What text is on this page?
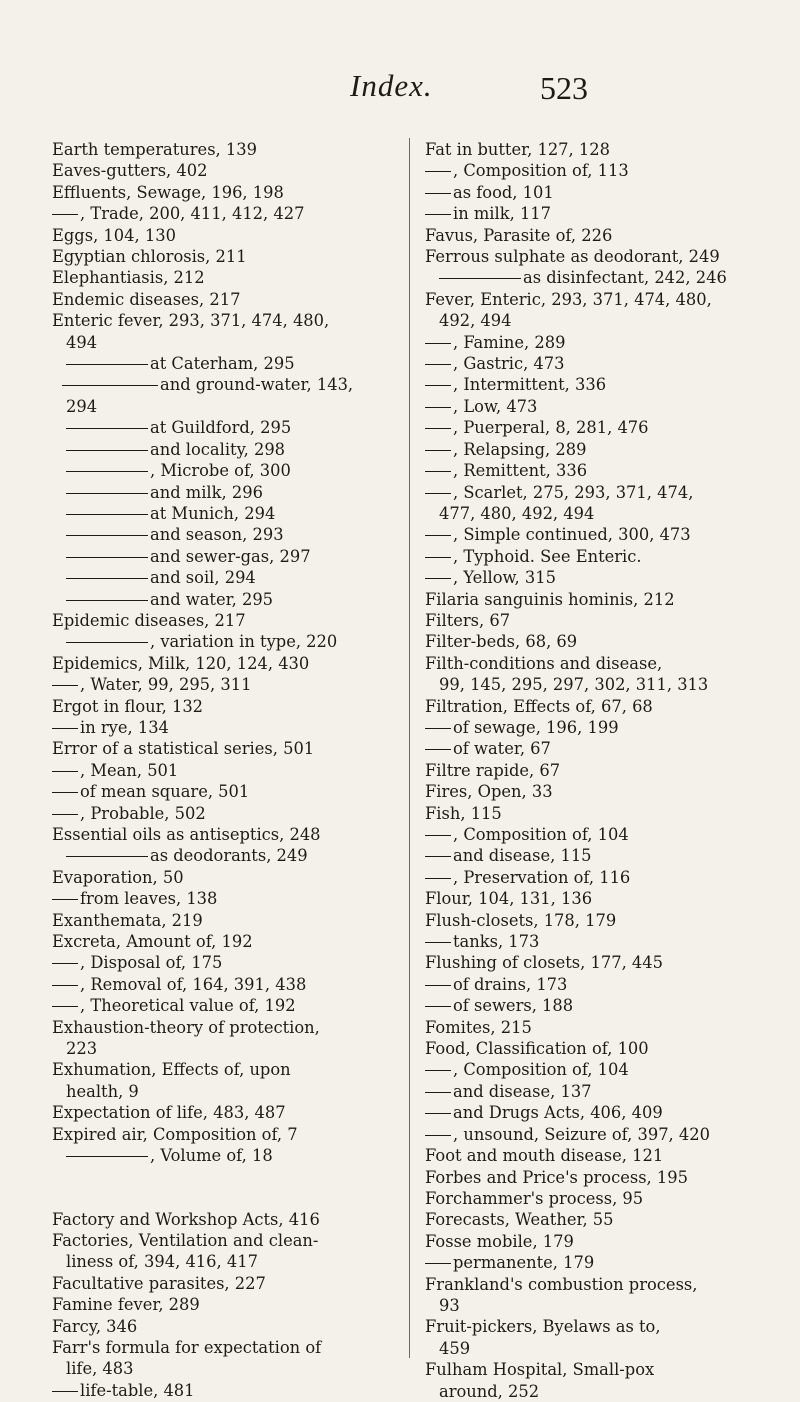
Index.	523
Earth temperatures, 139
Eaves-gutters, 402
Effluents, Sewage, 196, 198
, Trade, 200, 411, 412, 427
Eggs, 104, 130
Egyptian chlorosis, 211
Elephantiasis, 212
Endemic diseases, 217
Enteric fever, 293, 371, 474, 480,
494
at Caterham, 295
and ground-water, 143,
294
at Guildford, 295
and locality, 298
, Microbe of, 300
and milk, 296
at Munich, 294
and season, 293
and sewer-gas, 297
and soil, 294
and water, 295
Epidemic diseases, 217
, variation in type, 220
Epidemics, Milk, 120, 124, 430
, Water, 99, 295, 311
Ergot in flour, 132
in rye, 134
Error of a statistical series, 501
, Mean, 501
of mean square, 501
, Probable, 502
Essential oils as antiseptics, 248
as deodorants, 249
Evaporation, 50
from leaves, 138
Exanthemata, 219
Excreta, Amount of, 192
, Disposal of, 175
, Removal of, 164, 391, 438
, Theoretical value of, 192
Exhaustion-theory of protection,
223
Exhumation, Effects of, upon
health, 9
Expectation of life, 483, 487
Expired air, Composition of, 7
, Volume of, 18
Factory and Workshop Acts, 416
Factories, Ventilation and clean-
liness of, 394, 416, 417
Facultative parasites, 227
Famine fever, 289
Farcy, 346
Farr's formula for expectation of
life, 483
life-table, 481
Fat in butter, 127, 128
, Composition of, 113
as food, 101
in milk, 117
Favus, Parasite of, 226
Ferrous sulphate as deodorant, 249
as disinfectant, 242, 246
Fever, Enteric, 293, 371, 474, 480,
492, 494
, Famine, 289
, Gastric, 473
, Intermittent, 336
, Low, 473
, Puerperal, 8, 281, 476
, Relapsing, 289
, Remittent, 336
, Scarlet, 275, 293, 371, 474,
477, 480, 492, 494
, Simple continued, 300, 473
, Typhoid. See Enteric.
, Yellow, 315
Filaria sanguinis hominis, 212
Filters, 67
Filter-beds, 68, 69
Filth-conditions and disease,
99, 145, 295, 297, 302, 311, 313
Filtration, Effects of, 67, 68
of sewage, 196, 199
of water, 67
Filtre rapide, 67
Fires, Open, 33
Fish, 115
, Composition of, 104
and disease, 115
, Preservation of, 116
Flour, 104, 131, 136
Flush-closets, 178, 179
tanks, 173
Flushing of closets, 177, 445
of drains, 173
of sewers, 188
Fomites, 215
Food, Classification of, 100
, Composition of, 104
and disease, 137
and Drugs Acts, 406, 409
, unsound, Seizure of, 397, 420
Foot and mouth disease, 121
Forbes and Price's process, 195
Forchammer's process, 95
Forecasts, Weather, 55
Fosse mobile, 179
permanente, 179
Frankland's combustion process,
93
Fruit-pickers, Byelaws as to,
459
Fulham Hospital, Small-pox
around, 252
